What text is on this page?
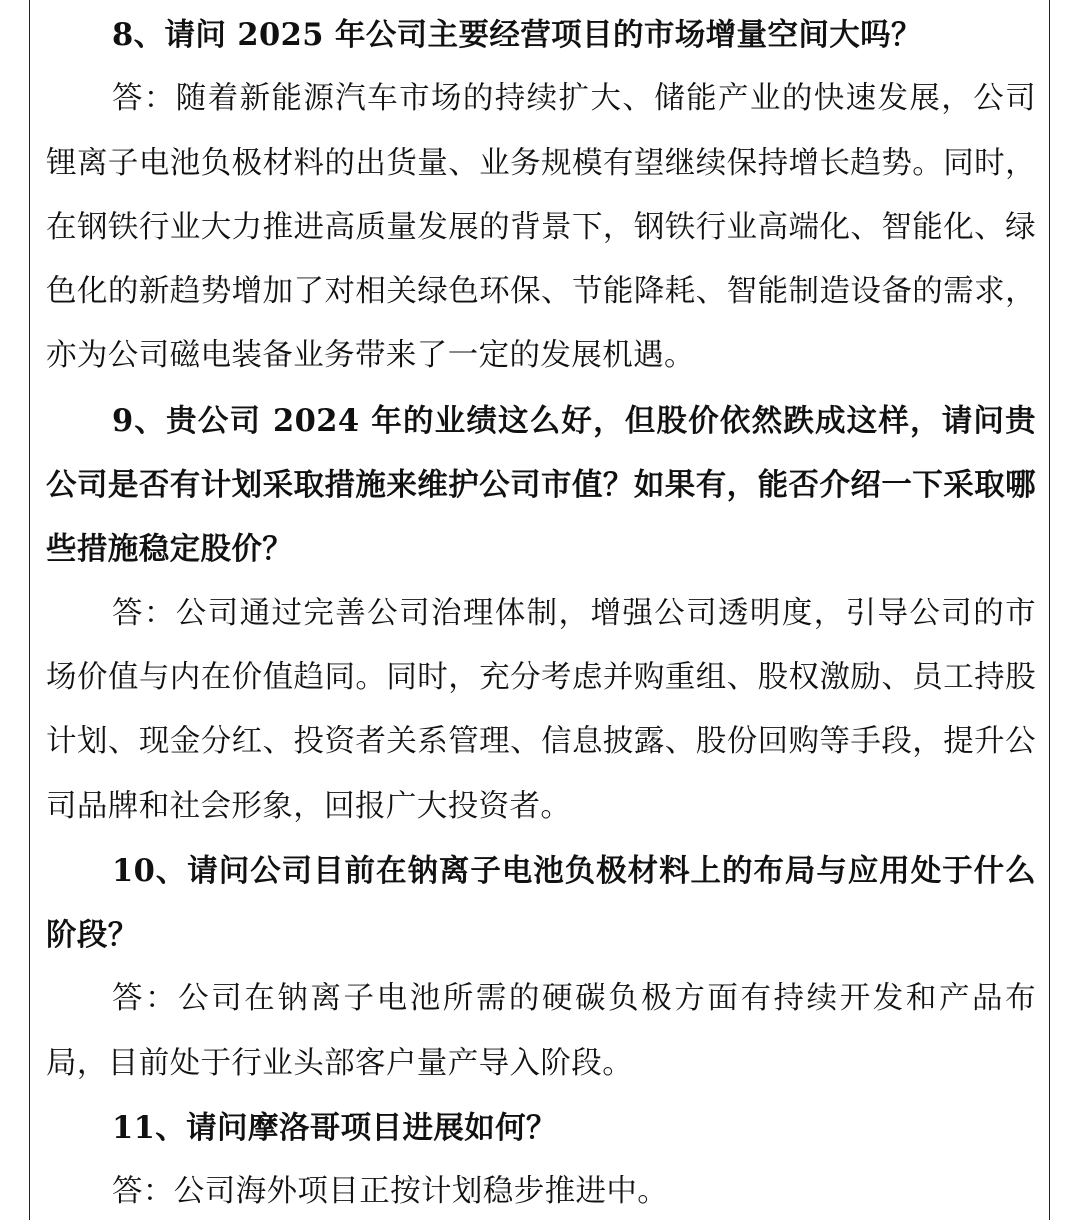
8、请问 2025 年公司主要经营项目的市场增量空间大吗？

答：随着新能源汽车市场的持续扩大、储能产业的快速发展，公司锂离子电池负极材料的出货量、业务规模有望继续保持增长趋势。同时，在钢铁行业大力推进高质量发展的背景下，钢铁行业高端化、智能化、绿色化的新趋势增加了对相关绿色环保、节能降耗、智能制造设备的需求，亦为公司磁电装备业务带来了一定的发展机遇。

9、贵公司 2024 年的业绩这么好，但股价依然跌成这样，请问贵公司是否有计划采取措施来维护公司市值？如果有，能否介绍一下采取哪些措施稳定股价？

答：公司通过完善公司治理体制，增强公司透明度，引导公司的市场价值与内在价值趋同。同时，充分考虑并购重组、股权激励、员工持股计划、现金分红、投资者关系管理、信息披露、股份回购等手段，提升公司品牌和社会形象，回报广大投资者。

10、请问公司目前在钠离子电池负极材料上的布局与应用处于什么阶段？

答：公司在钠离子电池所需的硬碳负极方面有持续开发和产品布局，目前处于行业头部客户量产导入阶段。

11、请问摩洛哥项目进展如何？

答：公司海外项目正按计划稳步推进中。
